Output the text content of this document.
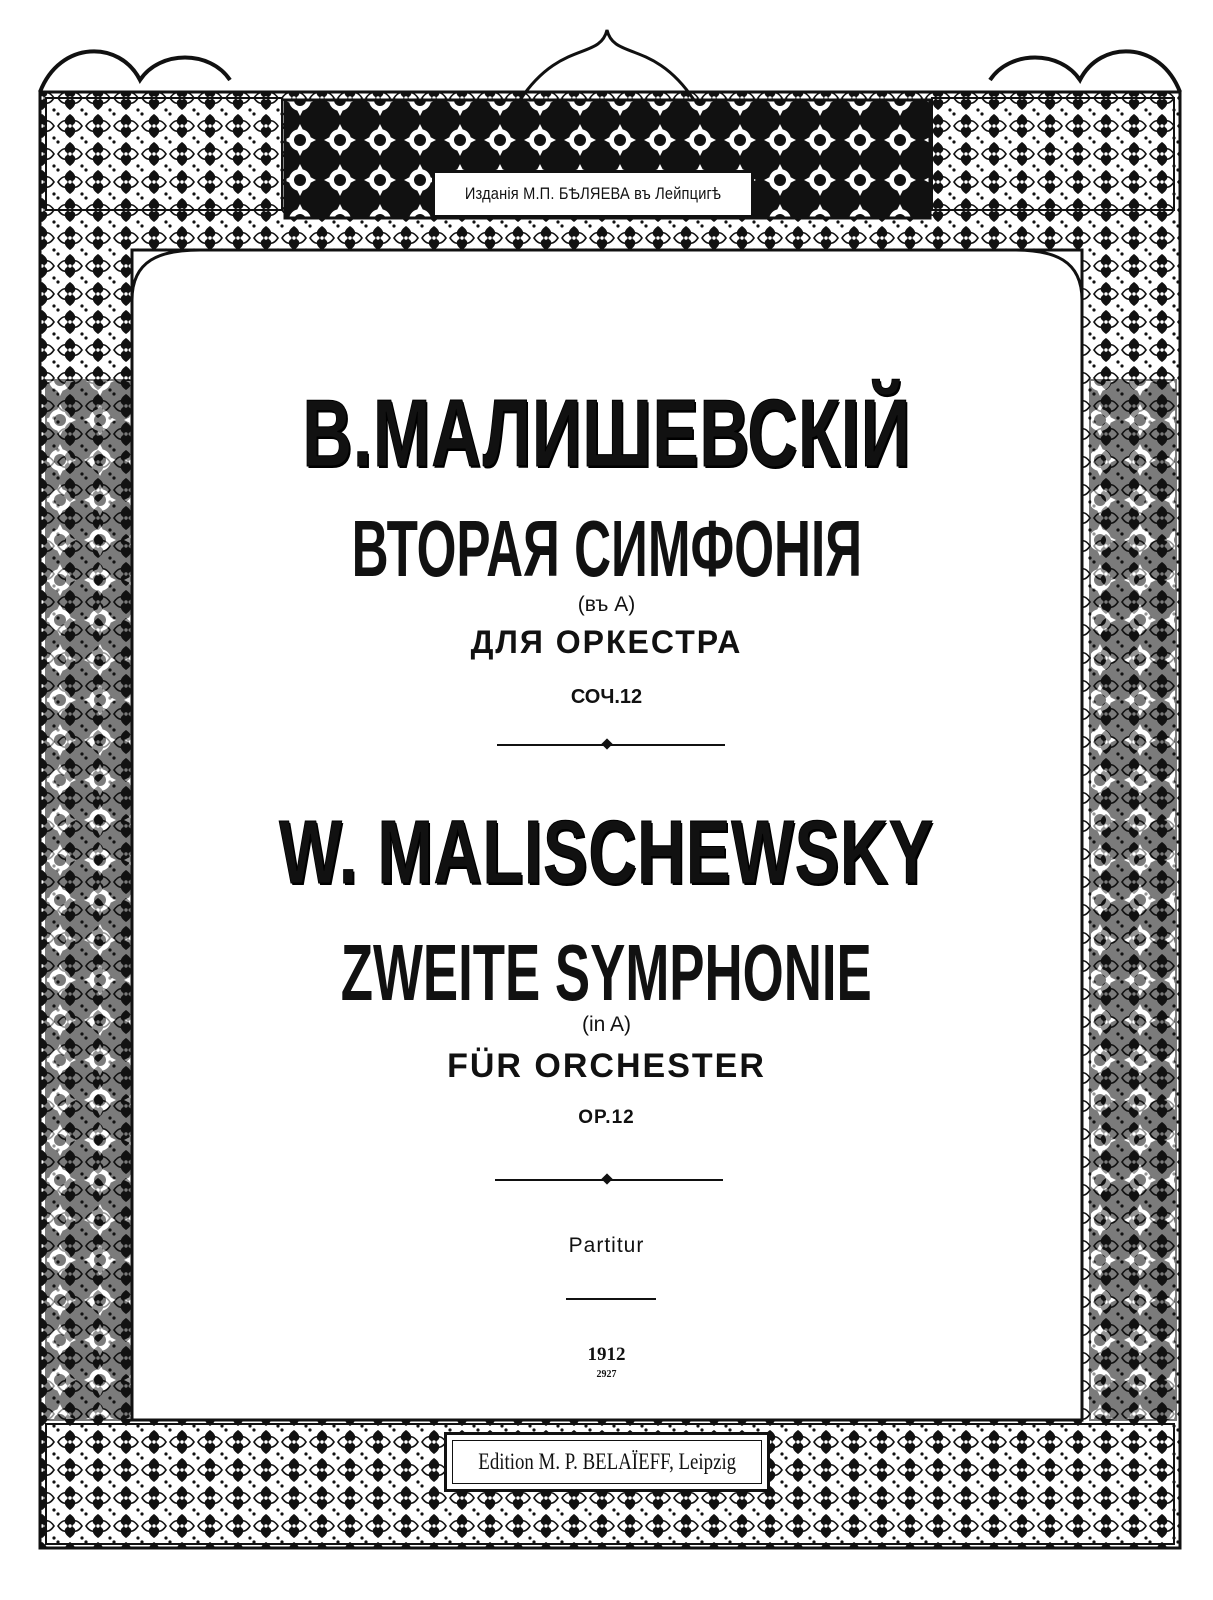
Изданія М.П. БѢЛЯЕВА въ Лейпцигѣ
В.МАЛИШЕВСКІЙ
ВТОРАЯ СИМФОНІЯ
(въ А)
ДЛЯ ОРКЕСТРА
СОЧ.12
W. MALISCHEWSKY
ZWEITE SYMPHONIE
(in A)
FÜR ORCHESTER
OP.12
Partitur
1912
2927
Edition M. P. BELAÏEFF, Leipzig
